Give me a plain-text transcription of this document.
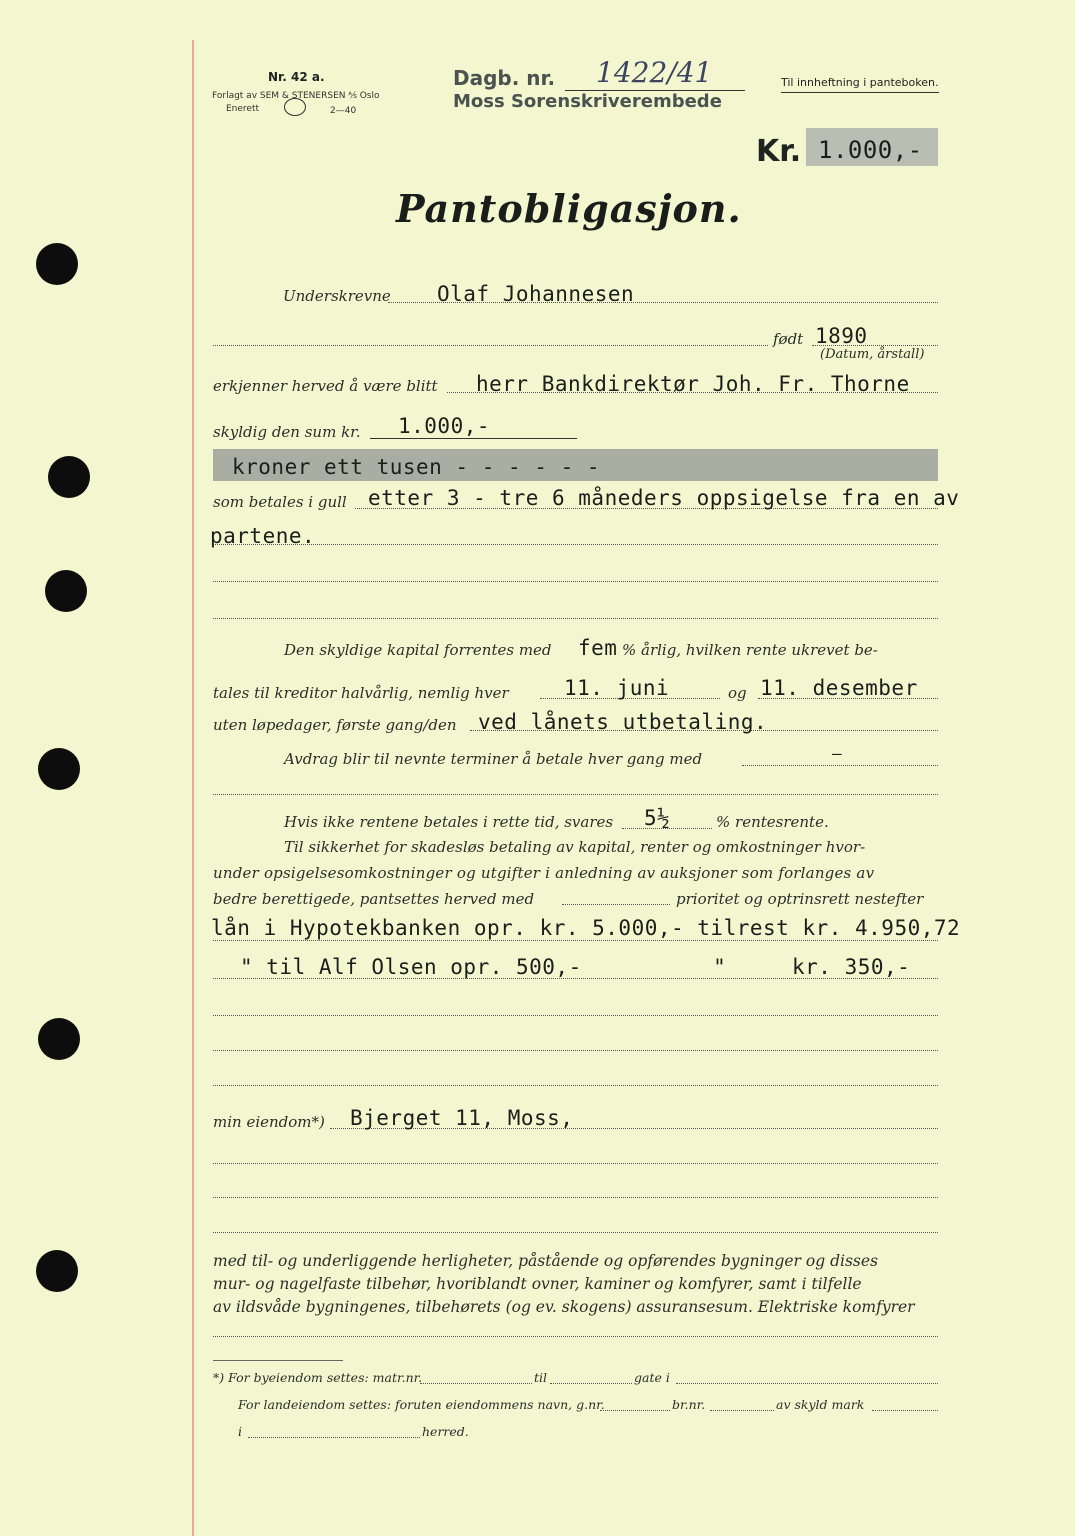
Nr. 42 a.
Forlagt av SEM & STENERSEN ⅍ Oslo
Enerett	2—40
Dagb. nr. 1422/41
Moss Sorenskriverembede
Til innheftning i panteboken.
Kr. 1.000,-
Pantobligasjon.
Underskrevne Olaf Johannesen
født 1890
(Datum, årstall)
erkjenner herved å være blitt herr Bankdirektør Joh. Fr. Thorne
skyldig den sum kr. 1.000,-
kroner ett tusen - - - - - -
som betales i gull etter 3 - tre 6 måneders oppsigelse fra en av
partene.
Den skyldige kapital forrentes med fem % årlig, hvilken rente ukrevet be-
tales til kreditor halvårlig, nemlig hver	11. juni	og 11. desember
uten løpedager, første gang/den ved lånets utbetaling.
Avdrag blir til nevnte terminer å betale hver gang med	—
Hvis ikke rentene betales i rette tid, svares 5½	% rentesrente.
Til sikkerhet for skadesløs betaling av kapital, renter og omkostninger hvor-
under opsigelsesomkostninger og utgifter i anledning av auksjoner som forlanges av
bedre berettigede, pantsettes herved med	prioritet og optrinsrett nestefter
lån i Hypotekbanken opr. kr. 5.000,- tilrest kr. 4.950,72
" til Alf Olsen opr. 500,-          "     kr. 350,-
min eiendom*) Bjerget 11, Moss,
med til- og underliggende herligheter, påstående og opførendes bygninger og disses
mur- og nagelfaste tilbehør, hvoriblandt ovner, kaminer og komfyrer, samt i tilfelle
av ildsvåde bygningenes, tilbehørets (og ev. skogens) assuransesum. Elektriske komfyrer
*) For byeiendom settes: matr.nr.	til	gate i
For landeiendom settes: foruten eiendommens navn, g.nr.	br.nr.	av skyld mark
i	herred.
